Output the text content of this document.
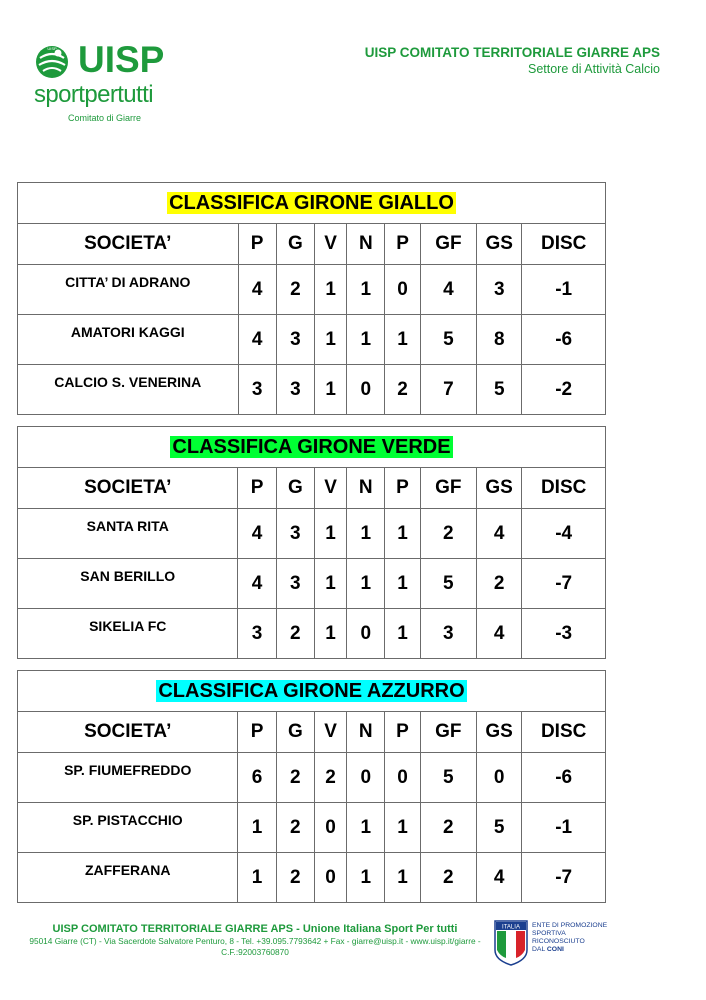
UISP UISP
sportpertutti
Comitato di Giarre
UISP COMITATO TERRITORIALE GIARRE APS
Settore di Attività Calcio
CLASSIFICA GIRONE GIALLO								
SOCIETA’	P	G	V	N	P	GF	GS	DISC
CITTA’ DI ADRANO	4	2	1	1	0	4	3	-1
AMATORI KAGGI	4	3	1	1	1	5	8	-6
CALCIO S. VENERINA	3	3	1	0	2	7	5	-2
CLASSIFICA GIRONE VERDE								
SOCIETA’	P	G	V	N	P	GF	GS	DISC
SANTA RITA	4	3	1	1	1	2	4	-4
SAN BERILLO	4	3	1	1	1	5	2	-7
SIKELIA FC	3	2	1	0	1	3	4	-3
CLASSIFICA GIRONE AZZURRO								
SOCIETA’	P	G	V	N	P	GF	GS	DISC
SP. FIUMEFREDDO	6	2	2	0	0	5	0	-6
SP. PISTACCHIO	1	2	0	1	1	2	5	-1
ZAFFERANA	1	2	0	1	1	2	4	-7
UISP COMITATO TERRITORIALE GIARRE APS - Unione Italiana Sport Per tutti
95014 Giarre (CT) - Via Sacerdote Salvatore Penturo, 8 - Tel. +39.095.7793642 + Fax - giarre@uisp.it - www.uisp.it/giarre -
C.F.:92003760870
ITALIA ENTE DI PROMOZIONE
SPORTIVA
RICONOSCIUTO
DAL CONI
